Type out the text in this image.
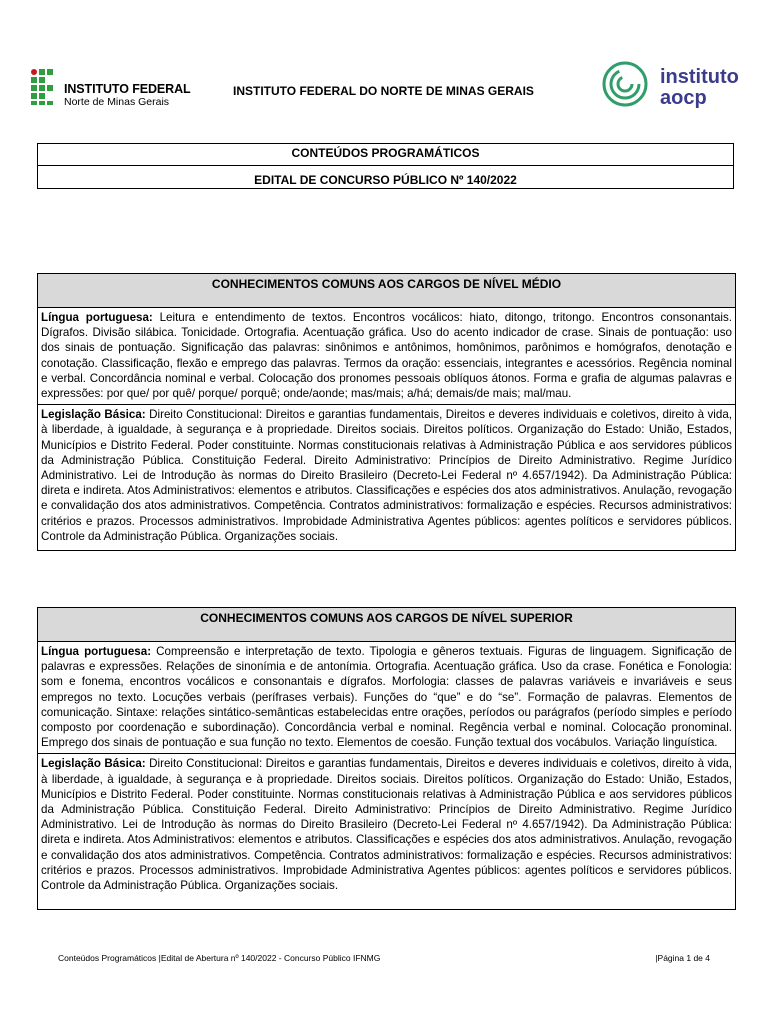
INSTITUTO FEDERAL
Norte de Minas Gerais
INSTITUTO FEDERAL DO NORTE DE MINAS GERAIS
instituto
aocp
CONTEÚDOS PROGRAMÁTICOS
EDITAL DE CONCURSO PÚBLICO Nº 140/2022
CONHECIMENTOS COMUNS AOS CARGOS DE NÍVEL MÉDIO
Língua portuguesa: Leitura e entendimento de textos. Encontros vocálicos: hiato, ditongo, tritongo. Encontros consonantais. Dígrafos. Divisão silábica. Tonicidade. Ortografia. Acentuação gráfica. Uso do acento indicador de crase. Sinais de pontuação: uso dos sinais de pontuação. Significação das palavras: sinônimos e antônimos, homônimos, parônimos e homógrafos, denotação e conotação. Classificação, flexão e emprego das palavras. Termos da oração: essenciais, integrantes e acessórios. Regência nominal e verbal. Concordância nominal e verbal. Colocação dos pronomes pessoais oblíquos átonos. Forma e grafia de algumas palavras e expressões: por que/ por quê/ porque/ porquê; onde/aonde; mas/mais; a/há; demais/de mais; mal/mau.
Legislação Básica: Direito Constitucional: Direitos e garantias fundamentais, Direitos e deveres individuais e coletivos, direito à vida, à liberdade, à igualdade, à segurança e à propriedade. Direitos sociais. Direitos políticos. Organização do Estado: União, Estados, Municípios e Distrito Federal. Poder constituinte. Normas constitucionais relativas à Administração Pública e aos servidores públicos da Administração Pública. Constituição Federal. Direito Administrativo: Princípios de Direito Administrativo. Regime Jurídico Administrativo. Lei de Introdução às normas do Direito Brasileiro (Decreto-Lei Federal nº 4.657/1942). Da Administração Pública: direta e indireta. Atos Administrativos: elementos e atributos. Classificações e espécies dos atos administrativos. Anulação, revogação e convalidação dos atos administrativos. Competência. Contratos administrativos: formalização e espécies. Recursos administrativos: critérios e prazos. Processos administrativos. Improbidade Administrativa Agentes públicos: agentes políticos e servidores públicos. Controle da Administração Pública. Organizações sociais.
CONHECIMENTOS COMUNS AOS CARGOS DE NÍVEL SUPERIOR
Língua portuguesa: Compreensão e interpretação de texto. Tipologia e gêneros textuais. Figuras de linguagem. Significação de palavras e expressões. Relações de sinonímia e de antonímia. Ortografia. Acentuação gráfica. Uso da crase. Fonética e Fonologia: som e fonema, encontros vocálicos e consonantais e dígrafos. Morfologia: classes de palavras variáveis e invariáveis e seus empregos no texto. Locuções verbais (perífrases verbais). Funções do “que” e do “se”. Formação de palavras. Elementos de comunicação. Sintaxe: relações sintático-semânticas estabelecidas entre orações, períodos ou parágrafos (período simples e período composto por coordenação e subordinação). Concordância verbal e nominal. Regência verbal e nominal. Colocação pronominal. Emprego dos sinais de pontuação e sua função no texto. Elementos de coesão. Função textual dos vocábulos. Variação linguística.
Legislação Básica: Direito Constitucional: Direitos e garantias fundamentais, Direitos e deveres individuais e coletivos, direito à vida, à liberdade, à igualdade, à segurança e à propriedade. Direitos sociais. Direitos políticos. Organização do Estado: União, Estados, Municípios e Distrito Federal. Poder constituinte. Normas constitucionais relativas à Administração Pública e aos servidores públicos da Administração Pública. Constituição Federal. Direito Administrativo: Princípios de Direito Administrativo. Regime Jurídico Administrativo. Lei de Introdução às normas do Direito Brasileiro (Decreto-Lei Federal nº 4.657/1942). Da Administração Pública: direta e indireta. Atos Administrativos: elementos e atributos. Classificações e espécies dos atos administrativos. Anulação, revogação e convalidação dos atos administrativos. Competência. Contratos administrativos: formalização e espécies. Recursos administrativos: critérios e prazos. Processos administrativos. Improbidade Administrativa Agentes públicos: agentes políticos e servidores públicos. Controle da Administração Pública. Organizações sociais.
Conteúdos Programáticos |Edital de Abertura nº 140/2022 - Concurso Público IFNMG	|Página 1 de 4
